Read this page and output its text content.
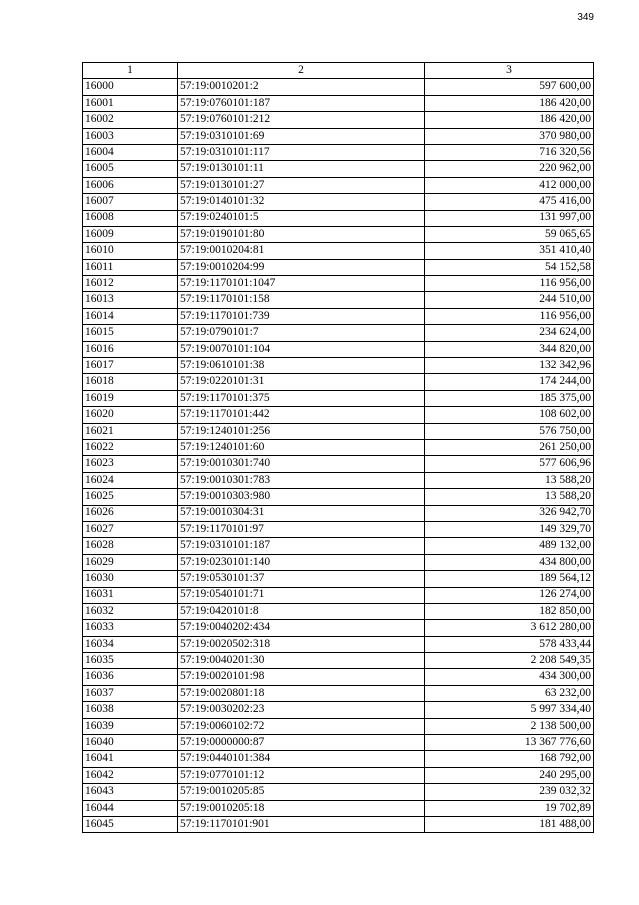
349
1	2	3
16000	57:19:0010201:2	597 600,00
16001	57:19:0760101:187	186 420,00
16002	57:19:0760101:212	186 420,00
16003	57:19:0310101:69	370 980,00
16004	57:19:0310101:117	716 320,56
16005	57:19:0130101:11	220 962,00
16006	57:19:0130101:27	412 000,00
16007	57:19:0140101:32	475 416,00
16008	57:19:0240101:5	131 997,00
16009	57:19:0190101:80	59 065,65
16010	57:19:0010204:81	351 410,40
16011	57:19:0010204:99	54 152,58
16012	57:19:1170101:1047	116 956,00
16013	57:19:1170101:158	244 510,00
16014	57:19:1170101:739	116 956,00
16015	57:19:0790101:7	234 624,00
16016	57:19:0070101:104	344 820,00
16017	57:19:0610101:38	132 342,96
16018	57:19:0220101:31	174 244,00
16019	57:19:1170101:375	185 375,00
16020	57:19:1170101:442	108 602,00
16021	57:19:1240101:256	576 750,00
16022	57:19:1240101:60	261 250,00
16023	57:19:0010301:740	577 606,96
16024	57:19:0010301:783	13 588,20
16025	57:19:0010303:980	13 588,20
16026	57:19:0010304:31	326 942,70
16027	57:19:1170101:97	149 329,70
16028	57:19:0310101:187	489 132,00
16029	57:19:0230101:140	434 800,00
16030	57:19:0530101:37	189 564,12
16031	57:19:0540101:71	126 274,00
16032	57:19:0420101:8	182 850,00
16033	57:19:0040202:434	3 612 280,00
16034	57:19:0020502:318	578 433,44
16035	57:19:0040201:30	2 208 549,35
16036	57:19:0020101:98	434 300,00
16037	57:19:0020801:18	63 232,00
16038	57:19:0030202:23	5 997 334,40
16039	57:19:0060102:72	2 138 500,00
16040	57:19:0000000:87	13 367 776,60
16041	57:19:0440101:384	168 792,00
16042	57:19:0770101:12	240 295,00
16043	57:19:0010205:85	239 032,32
16044	57:19:0010205:18	19 702,89
16045	57:19:1170101:901	181 488,00
